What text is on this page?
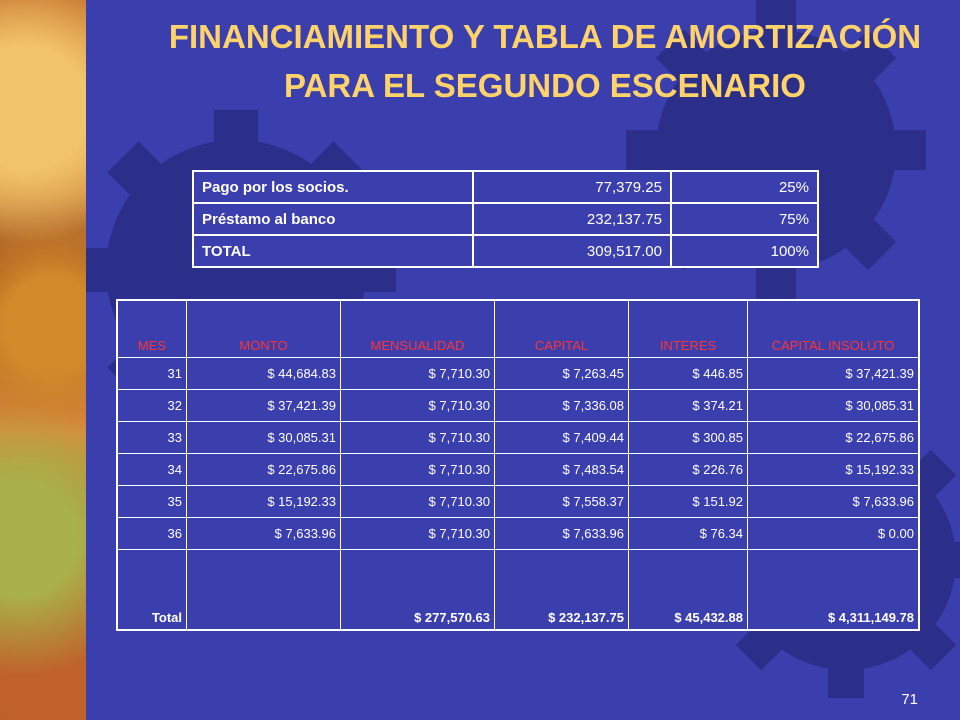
FINANCIAMIENTO Y TABLA DE AMORTIZACIÓN PARA EL SEGUNDO ESCENARIO
Pago por los socios.	77,379.25	25%
Préstamo al banco	232,137.75	75%
TOTAL	309,517.00	100%
MES	MONTO	MENSUALIDAD	CAPITAL	INTERES	CAPITAL INSOLUTO
31	$ 44,684.83	$ 7,710.30	$ 7,263.45	$ 446.85	$ 37,421.39
32	$ 37,421.39	$ 7,710.30	$ 7,336.08	$ 374.21	$ 30,085.31
33	$ 30,085.31	$ 7,710.30	$ 7,409.44	$ 300.85	$ 22,675.86
34	$ 22,675.86	$ 7,710.30	$ 7,483.54	$ 226.76	$ 15,192.33
35	$ 15,192.33	$ 7,710.30	$ 7,558.37	$ 151.92	$ 7,633.96
36	$ 7,633.96	$ 7,710.30	$ 7,633.96	$ 76.34	$ 0.00
Total		$ 277,570.63	$ 232,137.75	$ 45,432.88	$ 4,311,149.78
71
